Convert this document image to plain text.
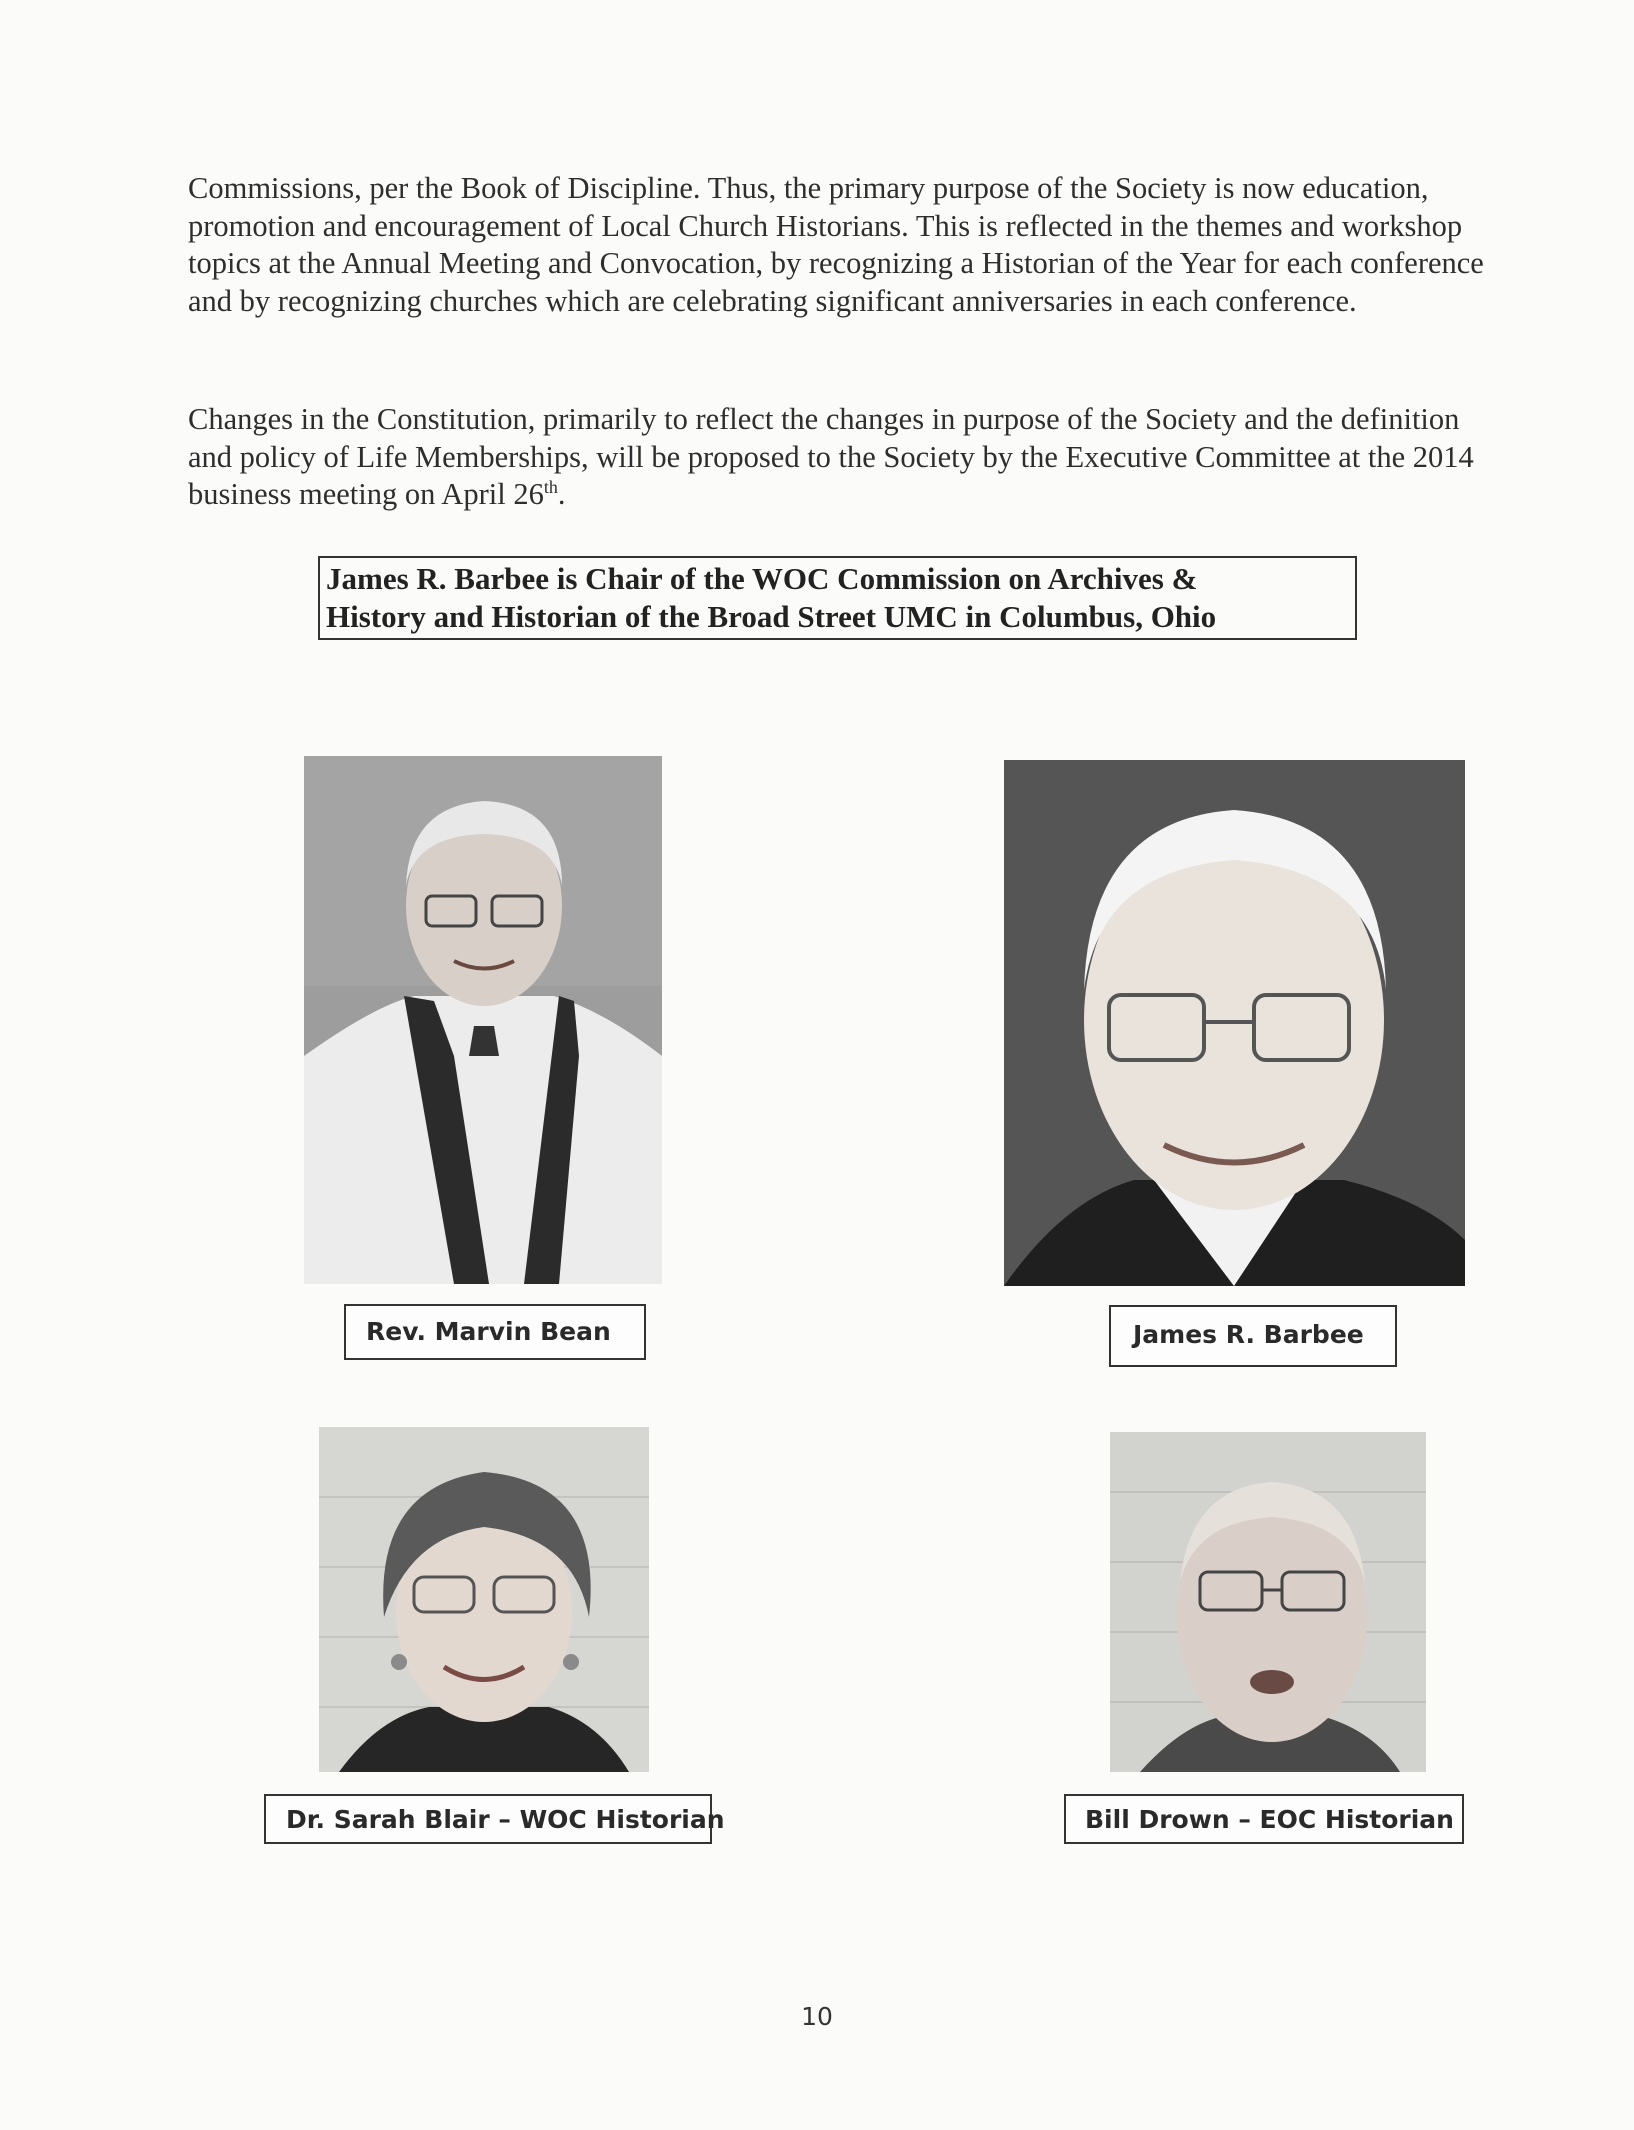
Commissions, per the Book of Discipline. Thus, the primary purpose of the Society is now education, promotion and encouragement of Local Church Historians. This is reflected in the themes and workshop topics at the Annual Meeting and Convocation, by recognizing a Historian of the Year for each conference and by recognizing churches which are celebrating significant anniversaries in each conference.

Changes in the Constitution, primarily to reflect the changes in purpose of the Society and the definition and policy of Life Memberships, will be proposed to the Society by the Executive Committee at the 2014 business meeting on April 26th.

James R. Barbee is Chair of the WOC Commission on Archives &
History and Historian of the Broad Street UMC in Columbus, Ohio
Rev. Marvin Bean	James R. Barbee
Dr. Sarah Blair – WOC Historian	Bill Drown – EOC Historian
10
